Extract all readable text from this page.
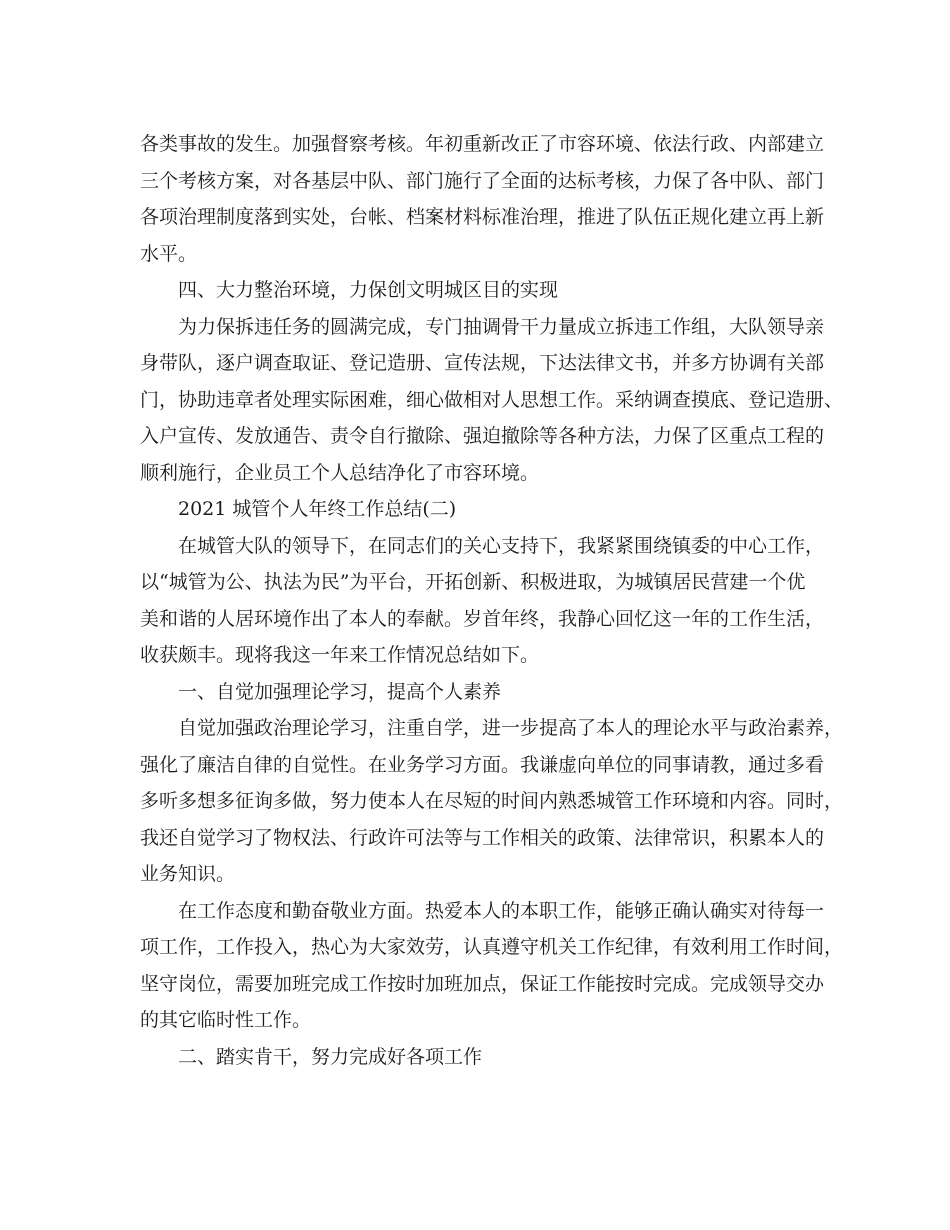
各类事故的发生。加强督察考核。年初重新改正了市容环境、依法行政、内部建立
三个考核方案，对各基层中队、部门施行了全面的达标考核，力保了各中队、部门
各项治理制度落到实处，台帐、档案材料标准治理，推进了队伍正规化建立再上新
水平。
四、大力整治环境，力保创文明城区目的实现
为力保拆违任务的圆满完成，专门抽调骨干力量成立拆违工作组，大队领导亲
身带队，逐户调查取证、登记造册、宣传法规，下达法律文书，并多方协调有关部
门，协助违章者处理实际困难，细心做相对人思想工作。采纳调查摸底、登记造册、
入户宣传、发放通告、责令自行撤除、强迫撤除等各种方法，力保了区重点工程的
顺利施行，企业员工个人总结净化了市容环境。
2021 城管个人年终工作总结(二)
在城管大队的领导下，在同志们的关心支持下，我紧紧围绕镇委的中心工作，
以“城管为公、执法为民”为平台，开拓创新、积极进取，为城镇居民营建一个优
美和谐的人居环境作出了本人的奉献。岁首年终，我静心回忆这一年的工作生活，
收获颇丰。现将我这一年来工作情况总结如下。
一、自觉加强理论学习，提高个人素养
自觉加强政治理论学习，注重自学，进一步提高了本人的理论水平与政治素养，
强化了廉洁自律的自觉性。在业务学习方面。我谦虚向单位的同事请教，通过多看
多听多想多征询多做，努力使本人在尽短的时间内熟悉城管工作环境和内容。同时，
我还自觉学习了物权法、行政许可法等与工作相关的政策、法律常识，积累本人的
业务知识。
在工作态度和勤奋敬业方面。热爱本人的本职工作，能够正确认确实对待每一
项工作，工作投入，热心为大家效劳，认真遵守机关工作纪律，有效利用工作时间，
坚守岗位，需要加班完成工作按时加班加点，保证工作能按时完成。完成领导交办
的其它临时性工作。
二、踏实肯干，努力完成好各项工作
